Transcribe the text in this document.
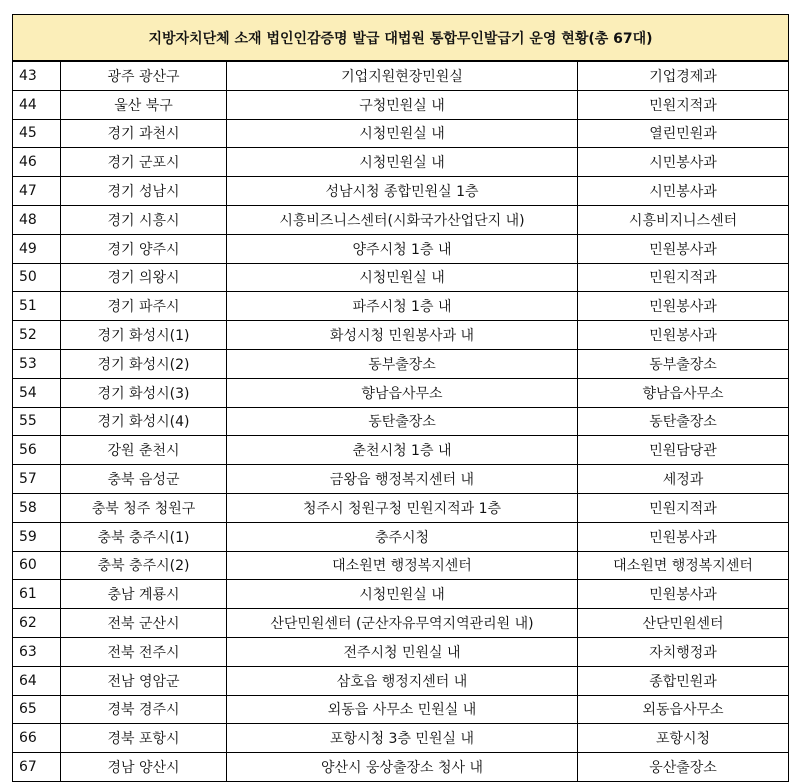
지방자치단체 소재 법인인감증명 발급 대법원 통합무인발급기 운영 현황(총 67대)			
43	광주 광산구	기업지원현장민원실	기업경제과
44	울산 북구	구청민원실 내	민원지적과
45	경기 과천시	시청민원실 내	열린민원과
46	경기 군포시	시청민원실 내	시민봉사과
47	경기 성남시	성남시청 종합민원실 1층	시민봉사과
48	경기 시흥시	시흥비즈니스센터(시화국가산업단지 내)	시흥비지니스센터
49	경기 양주시	양주시청 1층 내	민원봉사과
50	경기 의왕시	시청민원실 내	민원지적과
51	경기 파주시	파주시청 1층 내	민원봉사과
52	경기 화성시(1)	화성시청 민원봉사과 내	민원봉사과
53	경기 화성시(2)	동부출장소	동부출장소
54	경기 화성시(3)	향남읍사무소	향남읍사무소
55	경기 화성시(4)	동탄출장소	동탄출장소
56	강원 춘천시	춘천시청 1층 내	민원담당관
57	충북 음성군	금왕읍 행정복지센터 내	세정과
58	충북 청주 청원구	청주시 청원구청 민원지적과 1층	민원지적과
59	충북 충주시(1)	충주시청	민원봉사과
60	충북 충주시(2)	대소원면 행정복지센터	대소원면 행정복지센터
61	충남 계룡시	시청민원실 내	민원봉사과
62	전북 군산시	산단민원센터 (군산자유무역지역관리원 내)	산단민원센터
63	전북 전주시	전주시청 민원실 내	자치행정과
64	전남 영암군	삼호읍 행정지센터 내	종합민원과
65	경북 경주시	외동읍 사무소 민원실 내	외동읍사무소
66	경북 포항시	포항시청 3층 민원실 내	포항시청
67	경남 양산시	양산시 웅상출장소 청사 내	웅산출장소
